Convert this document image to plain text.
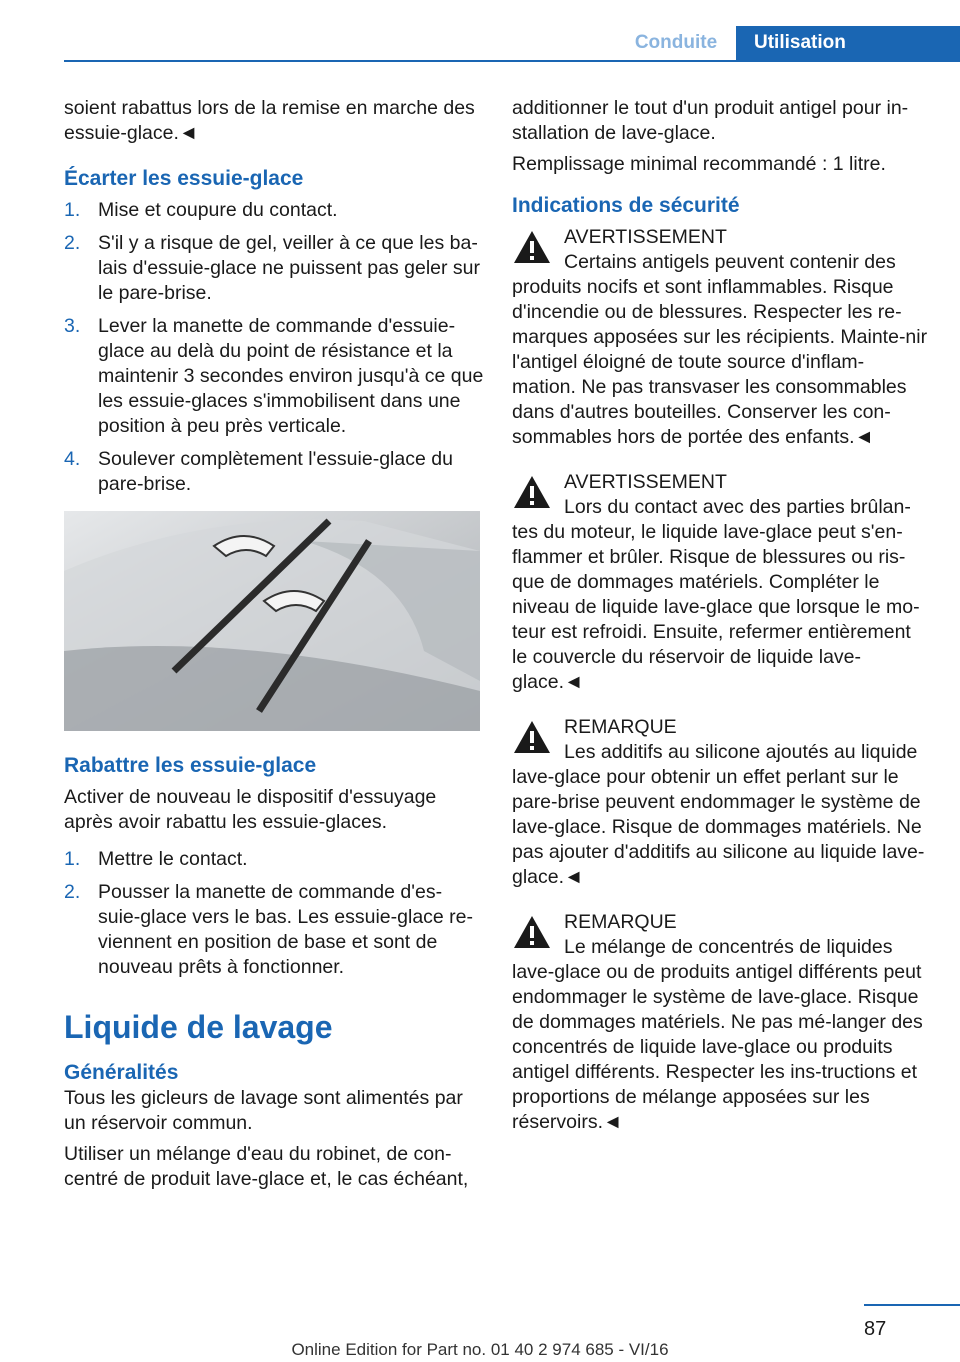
Conduite	Utilisation

soient rabattus lors de la remise en marche des essuie-glace.◄

Écarter les essuie-glace
1. Mise et coupure du contact.
2. S'il y a risque de gel, veiller à ce que les ba-lais d'essuie-glace ne puissent pas geler sur le pare-brise.
3. Lever la manette de commande d'essuie-glace au delà du point de résistance et la maintenir 3 secondes environ jusqu'à ce que les essuie-glaces s'immobilisent dans une position à peu près verticale.
4. Soulever complètement l'essuie-glace du pare-brise.
Rabattre les essuie-glace

Activer de nouveau le dispositif d'essuyage après avoir rabattu les essuie-glaces.

1. Mettre le contact.
2. Pousser la manette de commande d'es-suie-glace vers le bas. Les essuie-glace re-viennent en position de base et sont de nouveau prêts à fonctionner.
Liquide de lavage
Généralités

Tous les gicleurs de lavage sont alimentés par un réservoir commun.

Utiliser un mélange d'eau du robinet, de con-centré de produit lave-glace et, le cas échéant,

additionner le tout d'un produit antigel pour in-stallation de lave-glace.

Remplissage minimal recommandé : 1 litre.

Indications de sécurité
AVERTISSEMENT
Certains antigels peuvent contenir des produits nocifs et sont inflammables. Risque d'incendie ou de blessures. Respecter les re-marques apposées sur les récipients. Mainte-nir l'antigel éloigné de toute source d'inflam-mation. Ne pas transvaser les consommables dans d'autres bouteilles. Conserver les con-sommables hors de portée des enfants.◄
AVERTISSEMENT
Lors du contact avec des parties brûlan-tes du moteur, le liquide lave-glace peut s'en-flammer et brûler. Risque de blessures ou ris-que de dommages matériels. Compléter le niveau de liquide lave-glace que lorsque le mo-teur est refroidi. Ensuite, refermer entièrement le couvercle du réservoir de liquide lave-glace.◄
REMARQUE
Les additifs au silicone ajoutés au liquide lave-glace pour obtenir un effet perlant sur le pare-brise peuvent endommager le système de lave-glace. Risque de dommages matériels. Ne pas ajouter d'additifs au silicone au liquide lave-glace.◄
REMARQUE
Le mélange de concentrés de liquides lave-glace ou de produits antigel différents peut endommager le système de lave-glace. Risque de dommages matériels. Ne pas mé-langer des concentrés de liquide lave-glace ou produits antigel différents. Respecter les ins-tructions et proportions de mélange apposées sur les réservoirs.◄
87
Online Edition for Part no. 01 40 2 974 685 - VI/16
